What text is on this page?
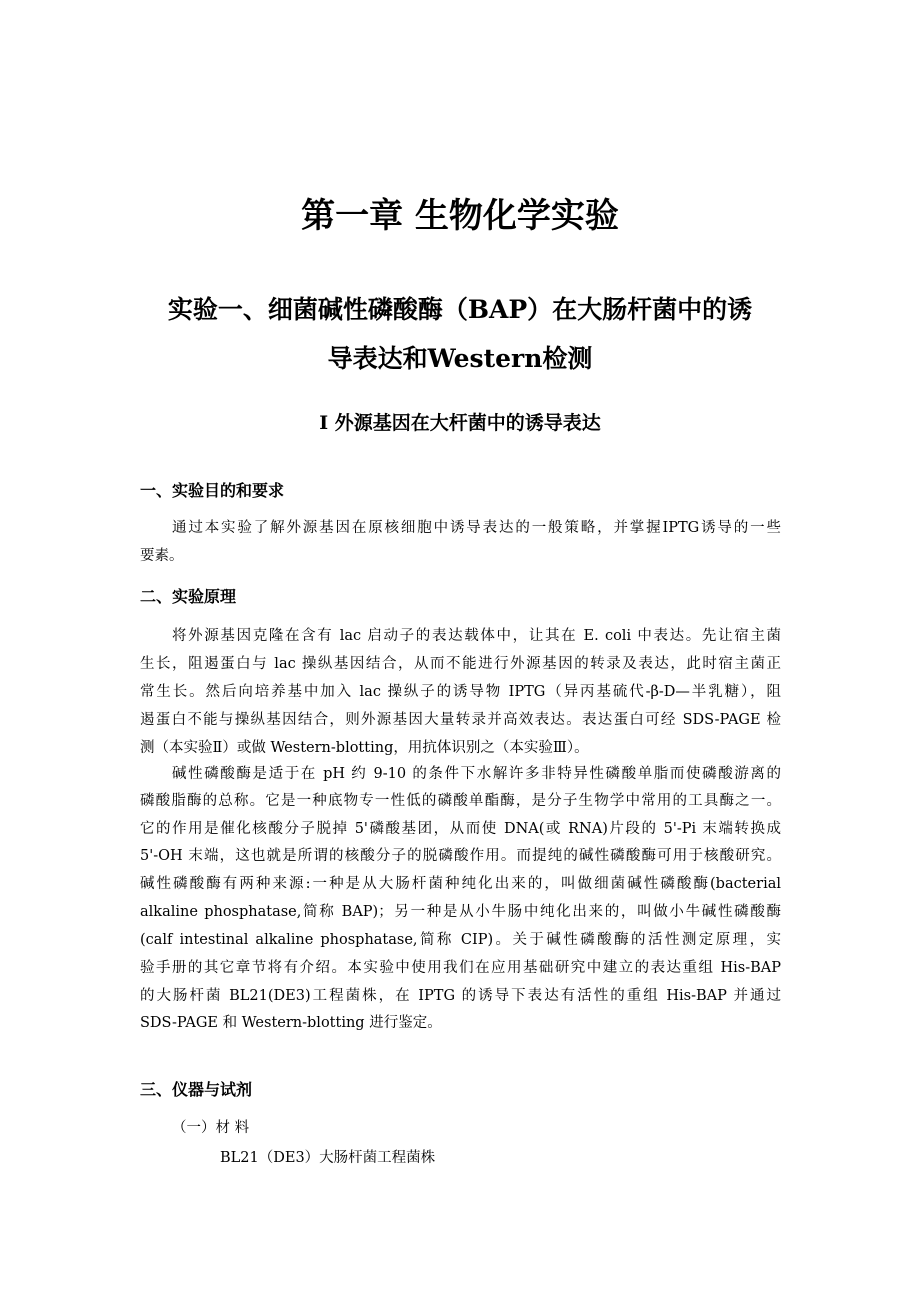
第一章 生物化学实验
实验一、细菌碱性磷酸酶（BAP）在大肠杆菌中的诱
导表达和Western检测
Ⅰ 外源基因在大杆菌中的诱导表达
一、实验目的和要求
通过本实验了解外源基因在原核细胞中诱导表达的一般策略，并掌握IPTG诱导的一些
要素。
二、实验原理
将外源基因克隆在含有 lac 启动子的表达载体中，让其在 E. coli 中表达。先让宿主菌
生长，阻遏蛋白与 lac 操纵基因结合，从而不能进行外源基因的转录及表达，此时宿主菌正
常生长。然后向培养基中加入 lac 操纵子的诱导物 IPTG（异丙基硫代-β-D—半乳糖），阻
遏蛋白不能与操纵基因结合，则外源基因大量转录并高效表达。表达蛋白可经 SDS-PAGE 检
测（本实验Ⅱ）或做 Western-blotting，用抗体识别之（本实验Ⅲ）。
碱性磷酸酶是适于在 pH 约 9-10 的条件下水解许多非特异性磷酸单脂而使磷酸游离的
磷酸脂酶的总称。它是一种底物专一性低的磷酸单酯酶，是分子生物学中常用的工具酶之一。
它的作用是催化核酸分子脱掉 5'磷酸基团，从而使 DNA(或 RNA)片段的 5'-Pi 末端转换成
5'-OH 末端，这也就是所谓的核酸分子的脱磷酸作用。而提纯的碱性磷酸酶可用于核酸研究。
碱性磷酸酶有两种来源:一种是从大肠杆菌种纯化出来的，叫做细菌碱性磷酸酶(bacterial
alkaline phosphatase,简称 BAP)；另一种是从小牛肠中纯化出来的，叫做小牛碱性磷酸酶
(calf intestinal alkaline phosphatase,简称 CIP)。关于碱性磷酸酶的活性测定原理，实
验手册的其它章节将有介绍。本实验中使用我们在应用基础研究中建立的表达重组 His-BAP
的大肠杆菌 BL21(DE3)工程菌株，在 IPTG 的诱导下表达有活性的重组 His-BAP 并通过
SDS-PAGE 和 Western-blotting 进行鉴定。
三、仪器与试剂
（一）材 料
BL21（DE3）大肠杆菌工程菌株
